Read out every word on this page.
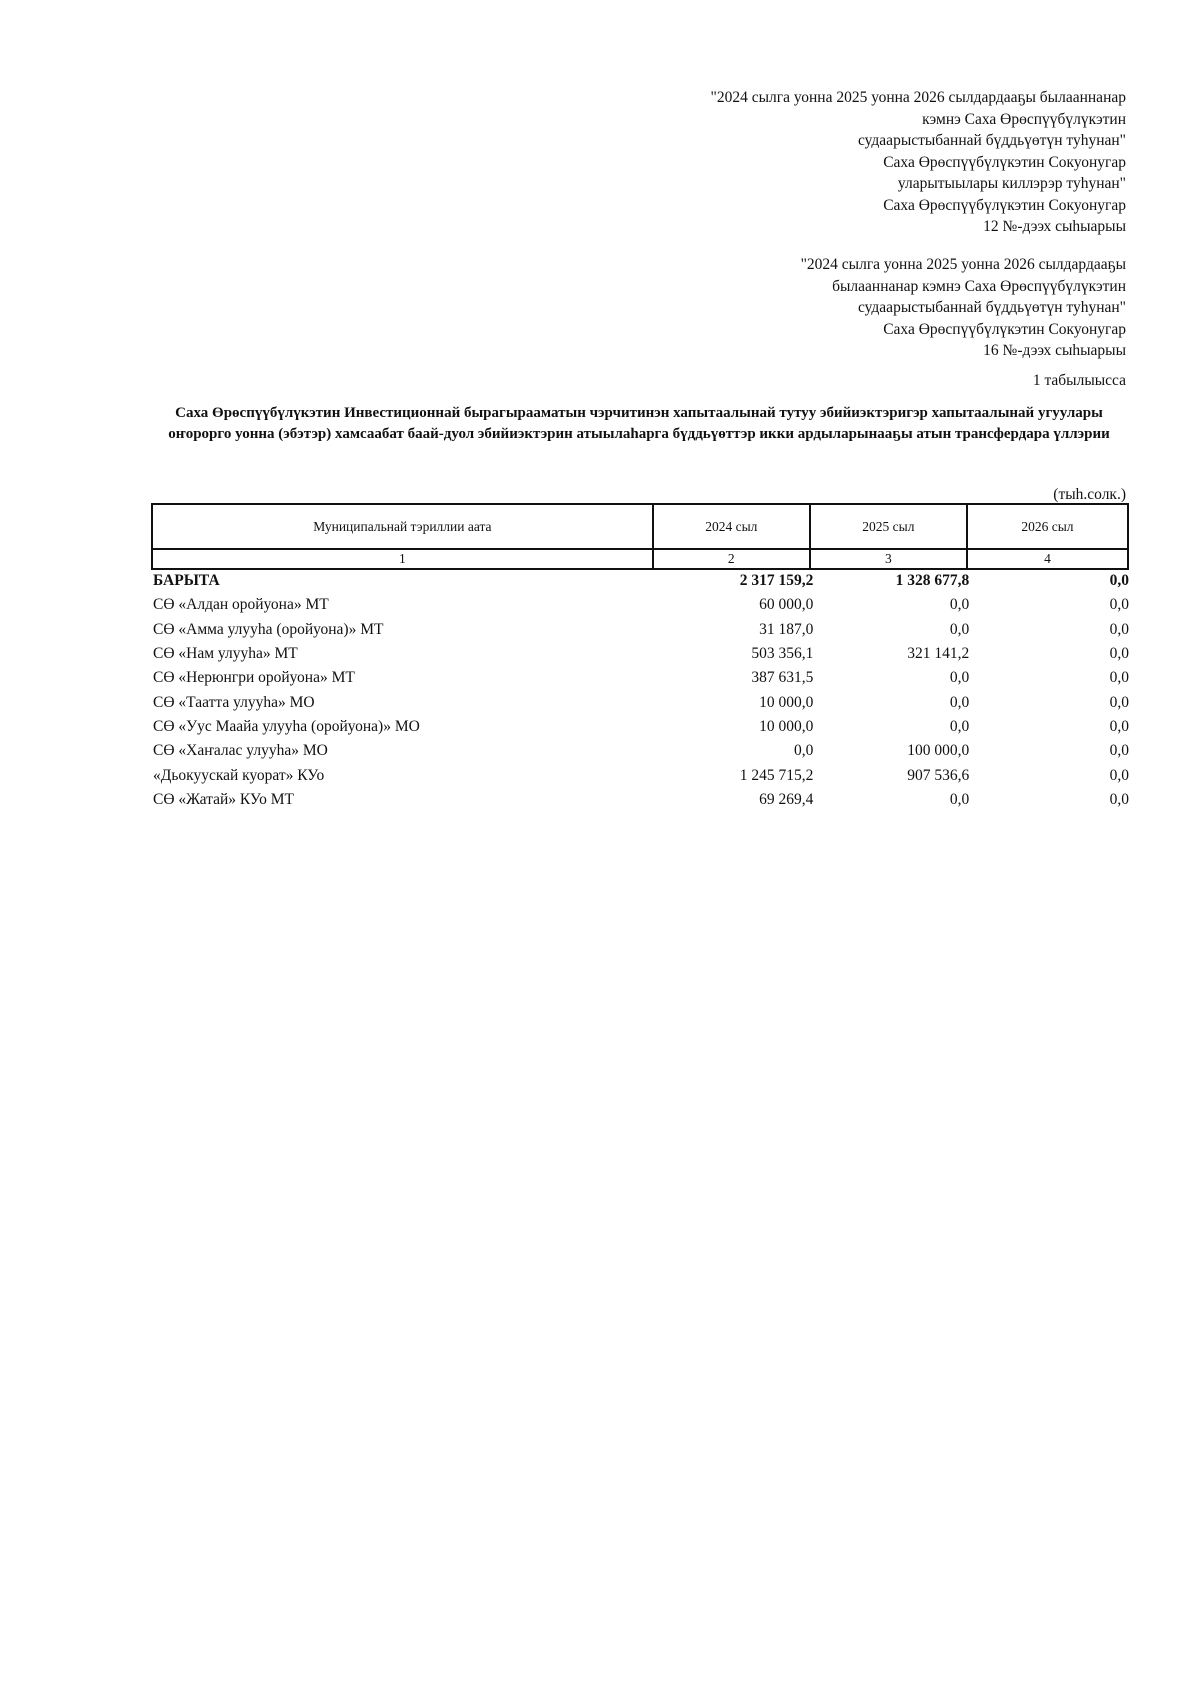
"2024 сылга уонна 2025 уонна 2026 сылдардааҕы былааннанар
кэмнэ Саха Өрөспүүбүлүкэтин
судаарыстыбаннай бүддьүөтүн туһунан"
Саха Өрөспүүбүлүкэтин Сокуонугар
уларытыылары киллэрэр туһунан"
Саха Өрөспүүбүлүкэтин Сокуонугар
12 №-дээх сыһыарыы
"2024 сылга уонна 2025 уонна 2026 сылдардааҕы
былааннанар кэмнэ Саха Өрөспүүбүлүкэтин
судаарыстыбаннай бүддьүөтүн туһунан"
Саха Өрөспүүбүлүкэтин Сокуонугар
16 №-дээх сыһыарыы
1 табылыысса
Саха Өрөспүүбүлүкэтин Инвестиционнай бырагырааматын чэрчитинэн хапытаалынай тутуу эбийиэктэригэр хапытаалынай угуулары оҥорорго уонна (эбэтэр) хамсаабат баай-дуол эбийиэктэрин атыылаһарга бүддьүөттэр икки ардыларынааҕы атын трансфердара үллэрии
(тыһ.солк.)
Муниципальнай тэриллии аата	2024 сыл	2025 сыл	2026 сыл
1	2	3	4
БАРЫТА	2 317 159,2	1 328 677,8	0,0
СӨ «Алдан оройуона» МТ	60 000,0	0,0	0,0
СӨ «Амма улууһа (оройуона)» МТ	31 187,0	0,0	0,0
СӨ «Нам улууһа» МТ	503 356,1	321 141,2	0,0
СӨ «Нерюнгри оройуона» МТ	387 631,5	0,0	0,0
СӨ «Таатта улууһа» МО	10 000,0	0,0	0,0
СӨ «Уус Маайа улууһа (оройуона)» МО	10 000,0	0,0	0,0
СӨ «Хаҥалас улууһа» МО	0,0	100 000,0	0,0
«Дьокуускай куорат» КУо	1 245 715,2	907 536,6	0,0
СӨ «Жатай» КУо МТ	69 269,4	0,0	0,0
